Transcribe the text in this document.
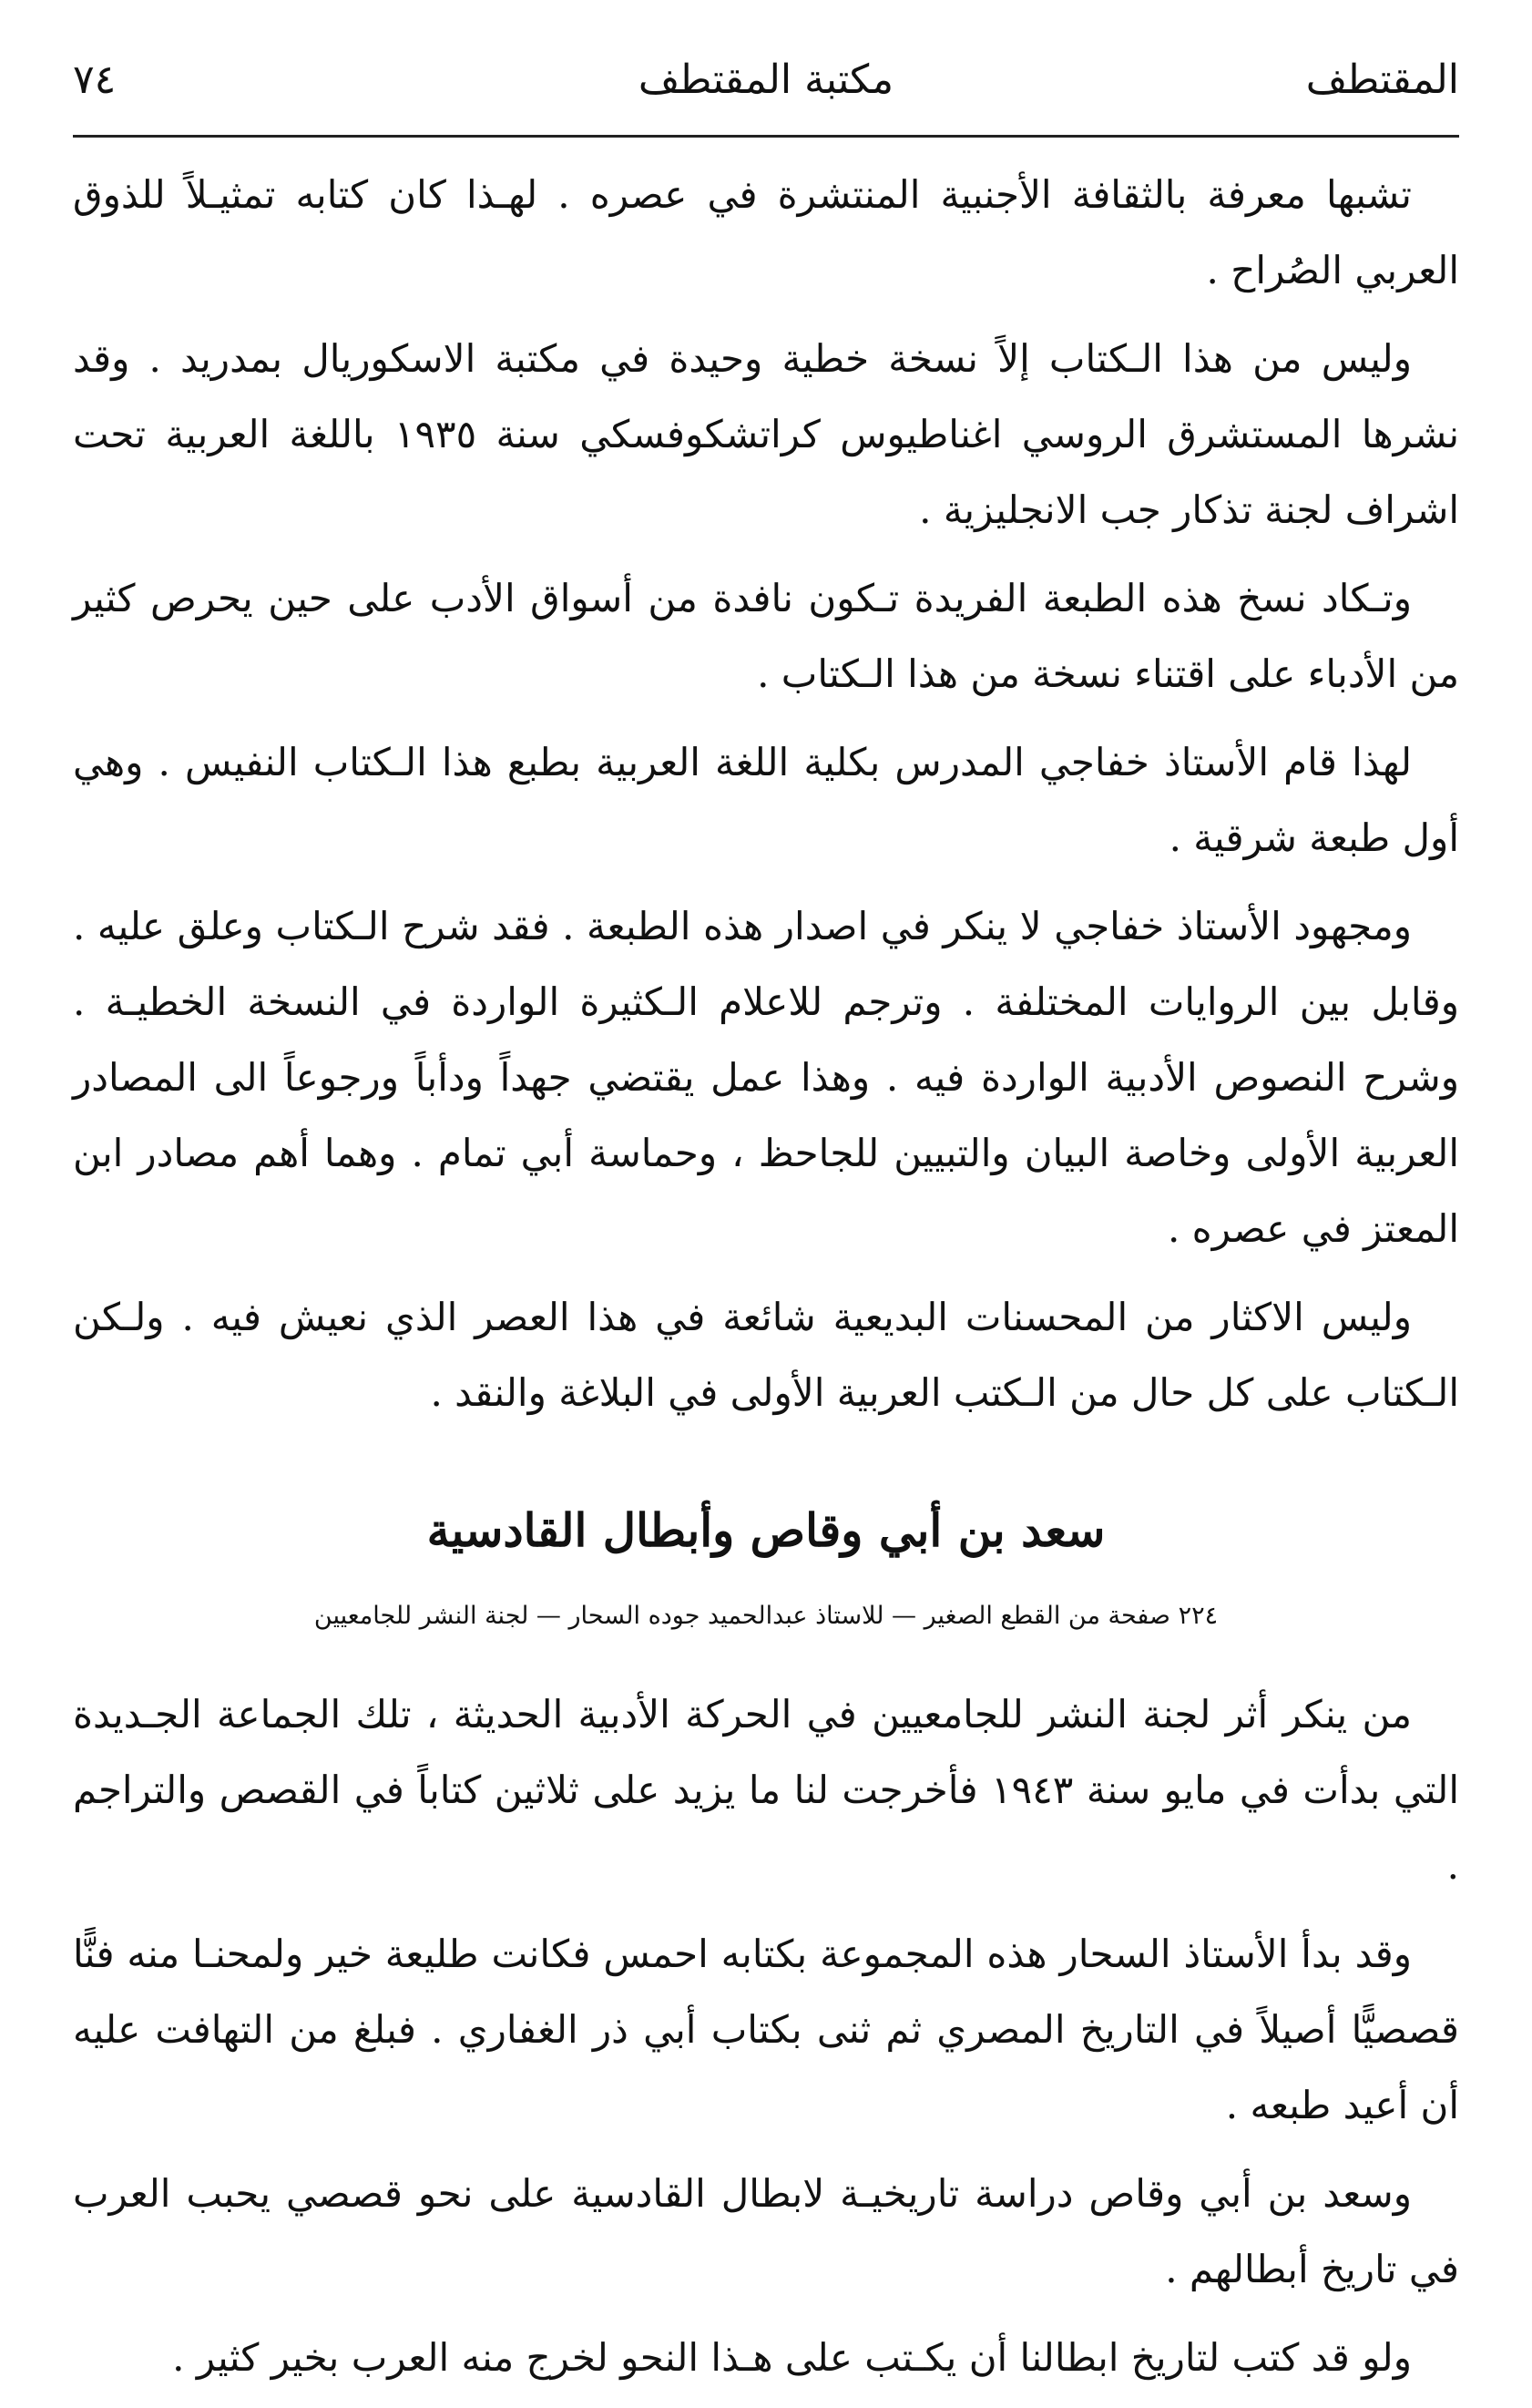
٧٤	مكتبة المقتطف	المقتطف

تشبها معرفة بالثقافة الأجنبية المنتشرة في عصره . لهـذا كان كتابه تمثيـلاً للذوق العربي الصُراح .

وليس من هذا الـكتاب إلاً نسخة خطية وحيدة في مكتبة الاسكوريال بمدريد . وقد نشرها المستشرق الروسي اغناطيوس كراتشكوفسكي سنة ١٩٣٥ باللغة العربية تحت اشراف لجنة تذكار جب الانجليزية .

وتـكاد نسخ هذه الطبعة الفريدة تـكون نافدة من أسواق الأدب على حين يحرص كثير من الأدباء على اقتناء نسخة من هذا الـكتاب .

لهذا قام الأستاذ خفاجي المدرس بكلية اللغة العربية بطبع هذا الـكتاب النفيس . وهي أول طبعة شرقية .

ومجهود الأستاذ خفاجي لا ينكر في اصدار هذه الطبعة . فقد شرح الـكتاب وعلق عليه . وقابل بين الروايات المختلفة . وترجم للاعلام الـكثيرة الواردة في النسخة الخطيـة . وشرح النصوص الأدبية الواردة فيه . وهذا عمل يقتضي جهداً ودأباً ورجوعاً الى المصادر العربية الأولى وخاصة البيان والتبيين للجاحظ ، وحماسة أبي تمام . وهما أهم مصادر ابن المعتز في عصره .

وليس الاكثار من المحسنات البديعية شائعة في هذا العصر الذي نعيش فيه . ولـكن الـكتاب على كل حال من الـكتب العربية الأولى في البلاغة والنقد .

سعد بن أبي وقاص وأبطال القادسية
٢٢٤ صفحة من القطع الصغير — للاستاذ عبدالحميد جوده السحار — لجنة النشر للجامعيين

من ينكر أثر لجنة النشر للجامعيين في الحركة الأدبية الحديثة ، تلك الجماعة الجـديدة التي بدأت في مايو سنة ١٩٤٣ فأخرجت لنا ما يزيد على ثلاثين كتاباً في القصص والتراجم .

وقد بدأ الأستاذ السحار هذه المجموعة بكتابه احمس فكانت طليعة خير ولمحنـا منه فنًّا قصصيًّا أصيلاً في التاريخ المصري ثم ثنى بكتاب أبي ذر الغفاري . فبلغ من التهافت عليه أن أعيد طبعه .

وسعد بن أبي وقاص دراسة تاريخيـة لابطال القادسية على نحو قصصي يحبب العرب في تاريخ أبطالهم .

ولو قد كتب لتاريخ ابطالنا أن يكـتب على هـذا النحو لخرج منه العرب بخير كثير .
